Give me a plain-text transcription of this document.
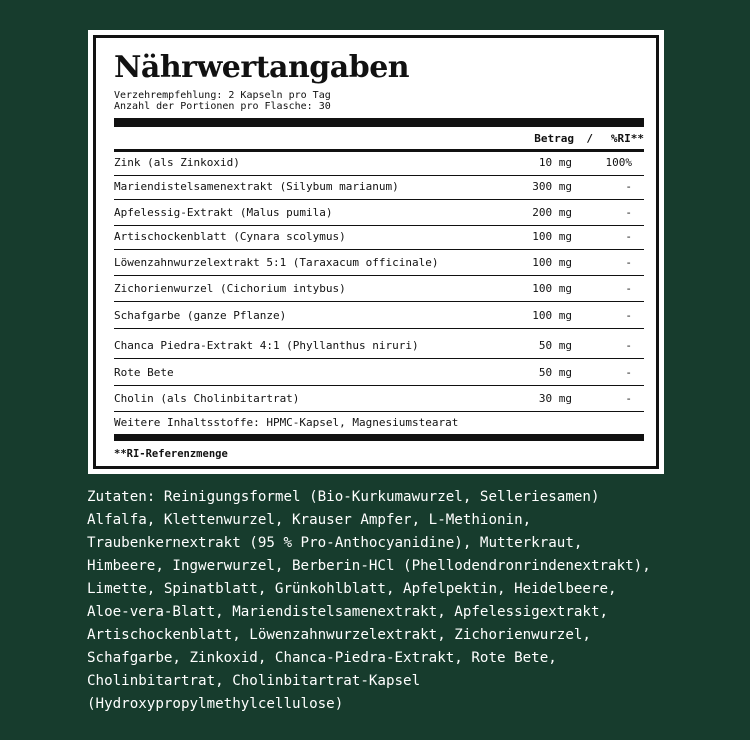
Nährwertangaben
Verzehrempfehlung: 2 Kapseln pro Tag
Anzahl der Portionen pro Flasche: 30
Betrag / %RI**
Zink (als Zinkoxid)	10 mg	100%
Mariendistelsamenextrakt (Silybum marianum)	300 mg	-
Apfelessig-Extrakt (Malus pumila)	200 mg	-
Artischockenblatt (Cynara scolymus)	100 mg	-
Löwenzahnwurzelextrakt 5:1 (Taraxacum officinale)	100 mg	-
Zichorienwurzel (Cichorium intybus)	100 mg	-
Schafgarbe (ganze Pflanze)	100 mg	-
Chanca Piedra-Extrakt 4:1 (Phyllanthus niruri)	50 mg	-
Rote Bete	50 mg	-
Cholin (als Cholinbitartrat)	30 mg	-
Weitere Inhaltsstoffe: HPMC-Kapsel, Magnesiumstearat
**RI-Referenzmenge
Zutaten: Reinigungsformel (Bio-Kurkumawurzel, Selleriesamen)
Alfalfa, Klettenwurzel, Krauser Ampfer, L-Methionin,
Traubenkernextrakt (95 % Pro-Anthocyanidine), Mutterkraut,
Himbeere, Ingwerwurzel, Berberin-HCl (Phellodendronrindenextrakt),
Limette, Spinatblatt, Grünkohlblatt, Apfelpektin, Heidelbeere,
Aloe-vera-Blatt, Mariendistelsamenextrakt, Apfelessigextrakt,
Artischockenblatt, Löwenzahnwurzelextrakt, Zichorienwurzel,
Schafgarbe, Zinkoxid, Chanca-Piedra-Extrakt, Rote Bete,
Cholinbitartrat, Cholinbitartrat-Kapsel
(Hydroxypropylmethylcellulose)
